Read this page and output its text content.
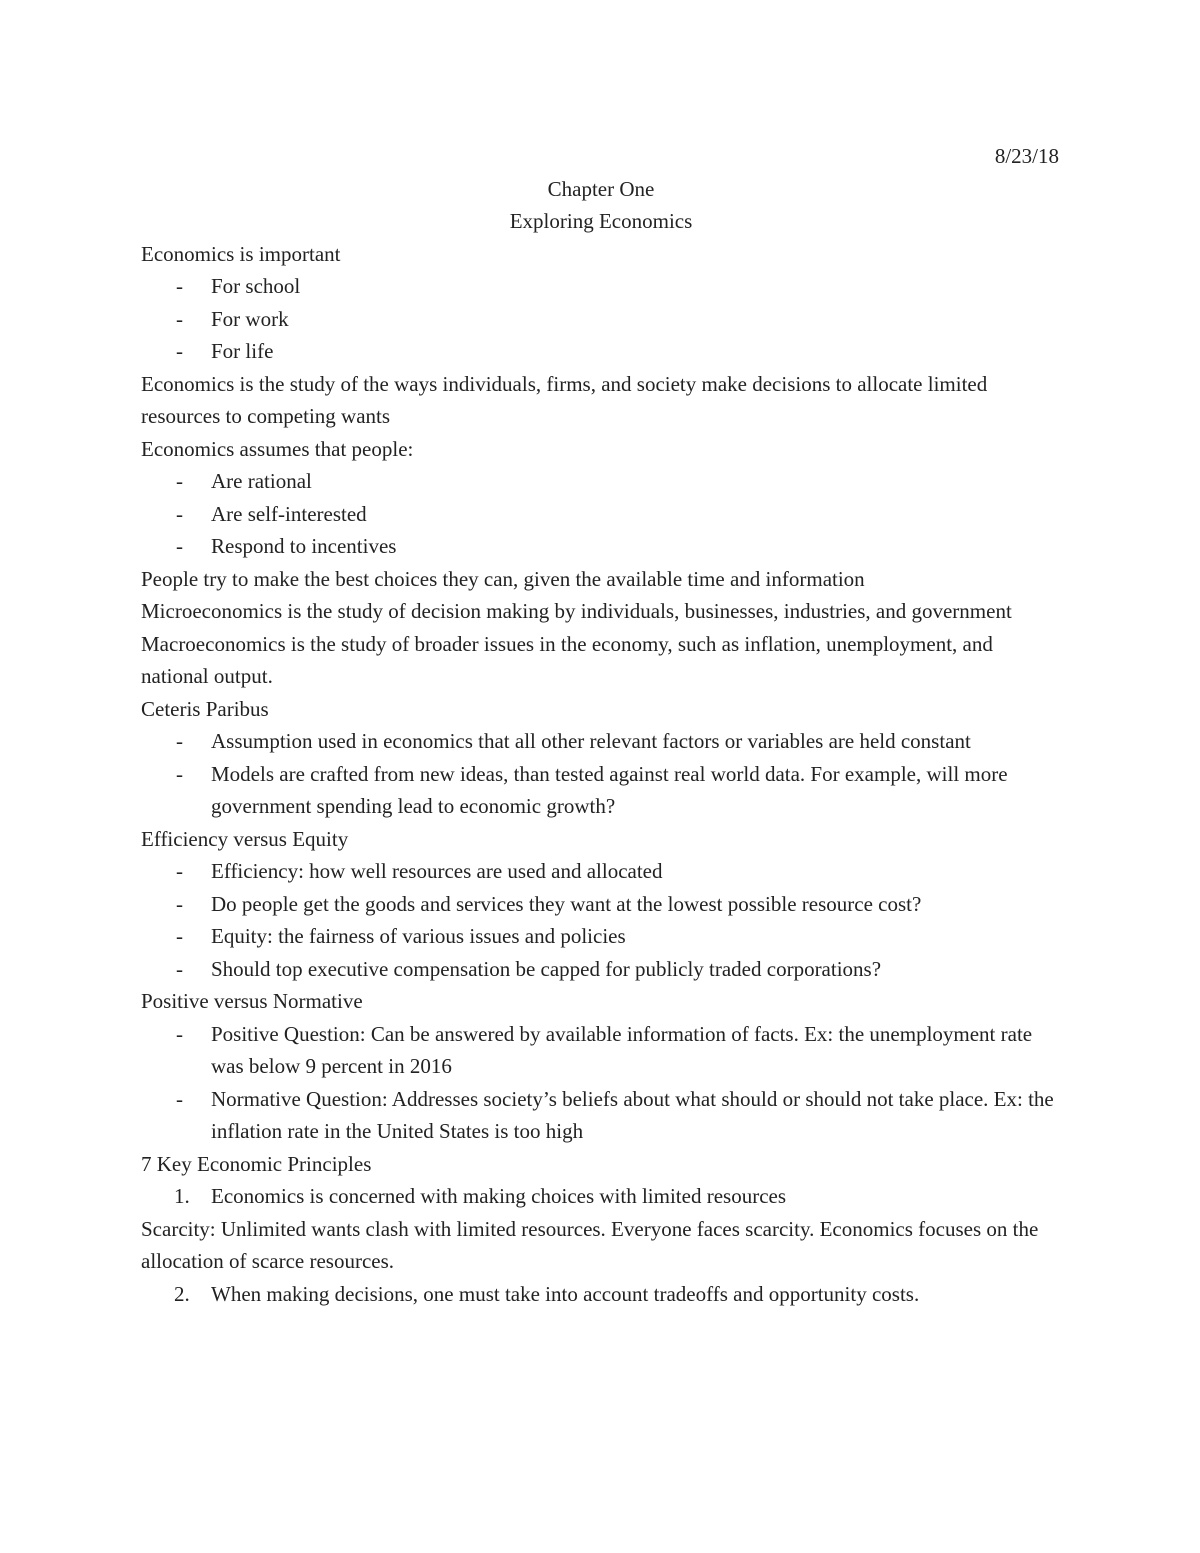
8/23/18
Chapter One
Exploring Economics
Economics is important
- For school
- For work
- For life
Economics is the study of the ways individuals, firms, and society make decisions to allocate limited resources to competing wants
Economics assumes that people:
- Are rational
- Are self-interested
- Respond to incentives
People try to make the best choices they can, given the available time and information
Microeconomics is the study of decision making by individuals, businesses, industries, and government
Macroeconomics is the study of broader issues in the economy, such as inflation, unemployment, and national output.
Ceteris Paribus
- Assumption used in economics that all other relevant factors or variables are held constant
- Models are crafted from new ideas, than tested against real world data. For example, will more government spending lead to economic growth?
Efficiency versus Equity
- Efficiency: how well resources are used and allocated
- Do people get the goods and services they want at the lowest possible resource cost?
- Equity: the fairness of various issues and policies
- Should top executive compensation be capped for publicly traded corporations?
Positive versus Normative
- Positive Question: Can be answered by available information of facts. Ex: the unemployment rate was below 9 percent in 2016
- Normative Question: Addresses society’s beliefs about what should or should not take place. Ex: the inflation rate in the United States is too high
7 Key Economic Principles
1. Economics is concerned with making choices with limited resources
Scarcity: Unlimited wants clash with limited resources. Everyone faces scarcity. Economics focuses on the allocation of scarce resources.
2. When making decisions, one must take into account tradeoffs and opportunity costs.
